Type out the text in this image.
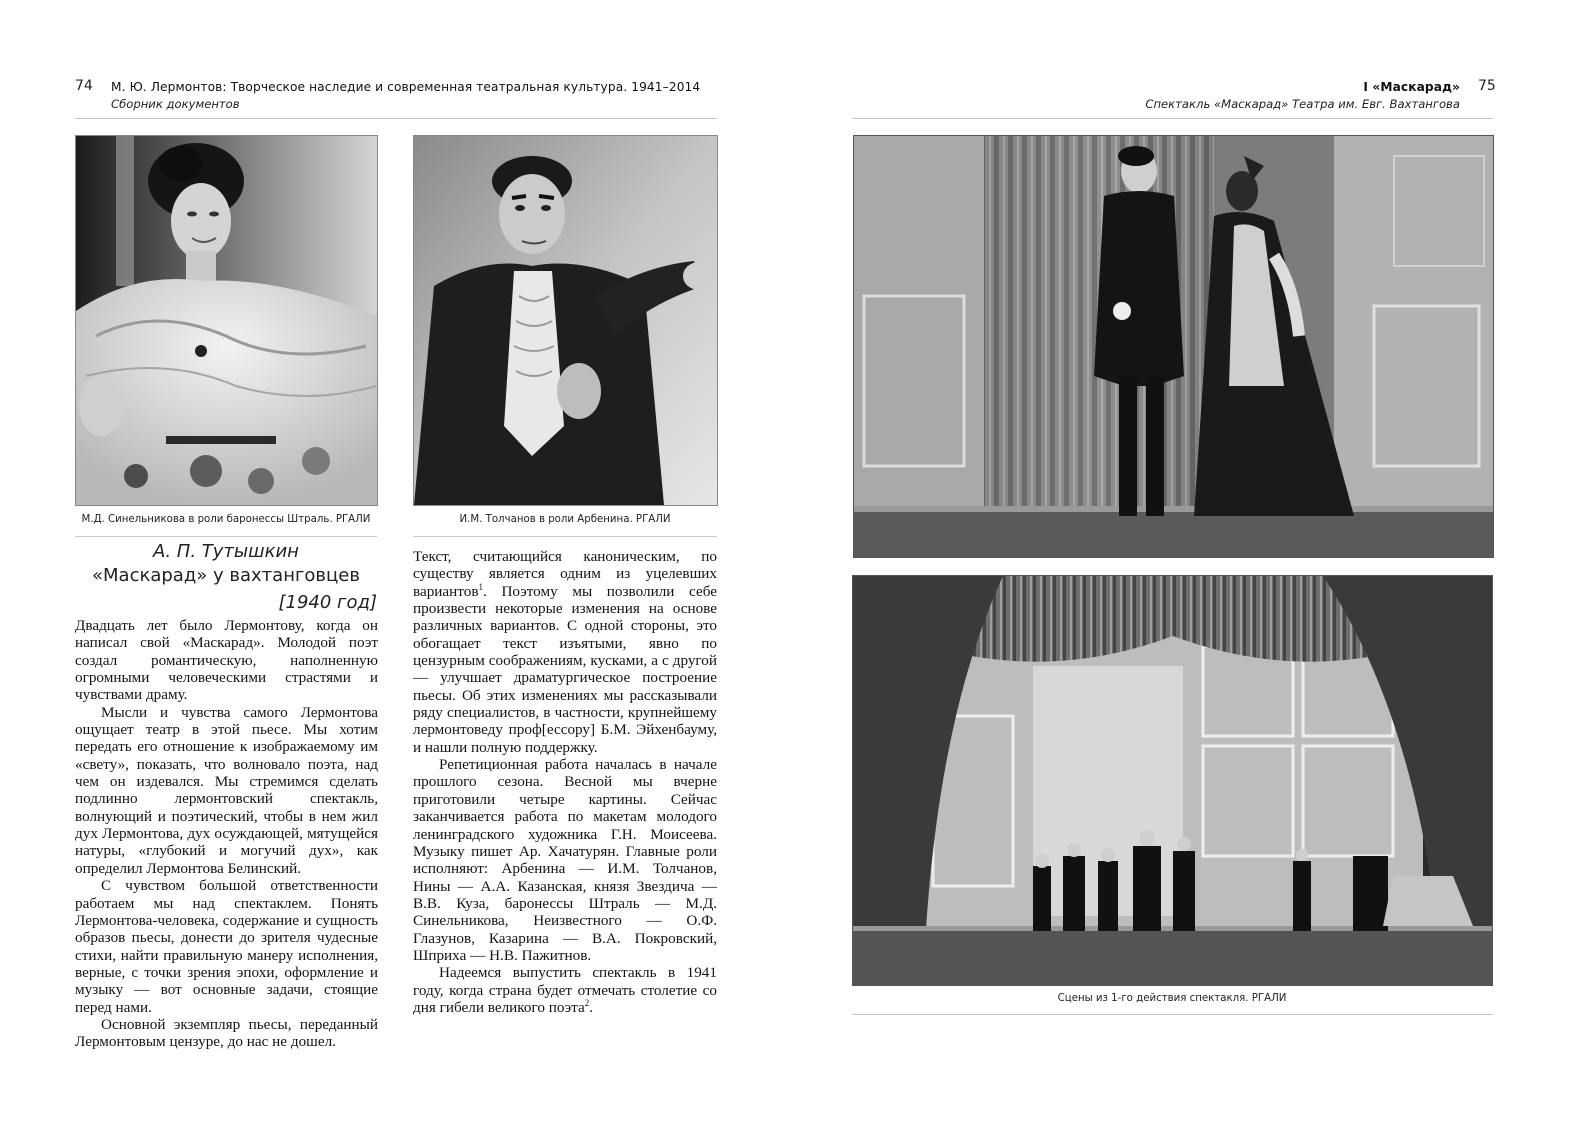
74 М. Ю. Лермонтов: Творческое наследие и современная театральная культура. 1941–2014
Сборник документов
М.Д. Синельникова в роли баронессы Штраль. РГАЛИ	И.М. Толчанов в роли Арбенина. РГАЛИ
А. П. Тутышкин
«Маскарад» у вахтанговцев
[1940 год]

Двадцать лет было Лермонтову, когда он написал свой «Маскарад». Молодой поэт создал романтическую, наполненную огромными человеческими страстями и чувствами драму.

Мысли и чувства самого Лермонтова ощущает театр в этой пьесе. Мы хотим передать его отношение к изображаемому им «свету», показать, что волновало поэта, над чем он издевался. Мы стремимся сделать подлинно лермонтовский спектакль, волнующий и поэтический, чтобы в нем жил дух Лермонтова, дух осуждающей, мятущейся натуры, «глубокий и могучий дух», как определил Лермонтова Белинский.

С чувством большой ответственности работаем мы над спектаклем. Понять Лермонтова-человека, содержание и сущность образов пьесы, донести до зрителя чудесные стихи, найти правильную манеру исполнения, верные, с точки зрения эпохи, оформление и музыку — вот основные задачи, стоящие перед нами.

Основной экземпляр пьесы, переданный Лермонтовым цензуре, до нас не дошел.

Текст, считающийся каноническим, по существу является одним из уцелевших вариантов$^1$. Поэтому мы позволили себе произвести некоторые изменения на основе различных вариантов. С одной стороны, это обогащает текст изъятыми, явно по цензурным соображениям, кусками, а с другой — улучшает драматургическое построение пьесы. Об этих изменениях мы рассказывали ряду специалистов, в частности, крупнейшему лермонтоведу проф[ессору] Б.М. Эйхенбауму, и нашли полную поддержку.

Репетиционная работа началась в начале прошлого сезона. Весной мы вчерне приготовили четыре картины. Сейчас заканчивается работа по макетам молодого ленинградского художника Г.Н. Моисеева. Музыку пишет Ар. Хачатурян. Главные роли исполняют: Арбенина — И.М. Толчанов, Нины — А.А. Казанская, князя Звездича — В.В. Куза, баронессы Штраль — М.Д. Синельникова, Неизвестного — О.Ф. Глазунов, Казарина — В.А. Покровский, Шприха — Н.В. Пажитнов.

Надеемся выпустить спектакль в 1941 году, когда страна будет отмечать столетие со дня гибели великого поэта$^2$.

I «Маскарад» 75
Спектакль «Маскарад» Театра им. Евг. Вахтангова
Сцены из 1-го действия спектакля. РГАЛИ
